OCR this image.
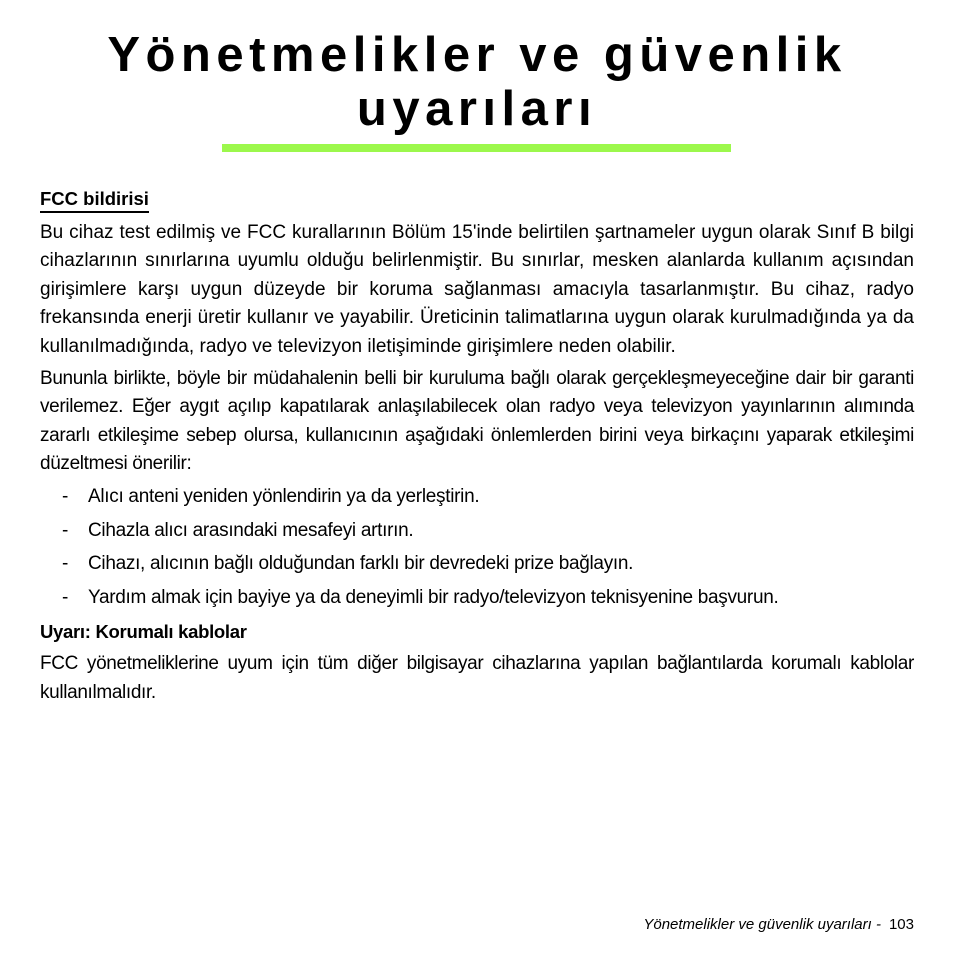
Yönetmelikler ve güvenlik
uyarıları
FCC bildirisi

Bu cihaz test edilmiş ve FCC kurallarının Bölüm 15'inde belirtilen şartnameler uygun olarak Sınıf B bilgi cihazlarının sınırlarına uyumlu olduğu belirlenmiştir. Bu sınırlar, mesken alanlarda kullanım açısından girişimlere karşı uygun düzeyde bir koruma sağlanması amacıyla tasarlanmıştır. Bu cihaz, radyo frekansında enerji üretir kullanır ve yayabilir. Üreticinin talimatlarına uygun olarak kurulmadığında ya da kullanılmadığında, radyo ve televizyon iletişiminde girişimlere neden olabilir.

Bununla birlikte, böyle bir müdahalenin belli bir kuruluma bağlı olarak gerçekleşmeyeceğine dair bir garanti verilemez. Eğer aygıt açılıp kapatılarak anlaşılabilecek olan radyo veya televizyon yayınlarının alımında zararlı etkileşime sebep olursa, kullanıcının aşağıdaki önlemlerden birini veya birkaçını yaparak etkileşimi düzeltmesi önerilir:

- Alıcı anteni yeniden yönlendirin ya da yerleştirin.
- Cihazla alıcı arasındaki mesafeyi artırın.
- Cihazı, alıcının bağlı olduğundan farklı bir devredeki prize bağlayın.
- Yardım almak için bayiye ya da deneyimli bir radyo/televizyon teknisyenine başvurun.
Uyarı: Korumalı kablolar

FCC yönetmeliklerine uyum için tüm diğer bilgisayar cihazlarına yapılan bağlantılarda korumalı kablolar kullanılmalıdır.

Yönetmelikler ve güvenlik uyarıları - 103
